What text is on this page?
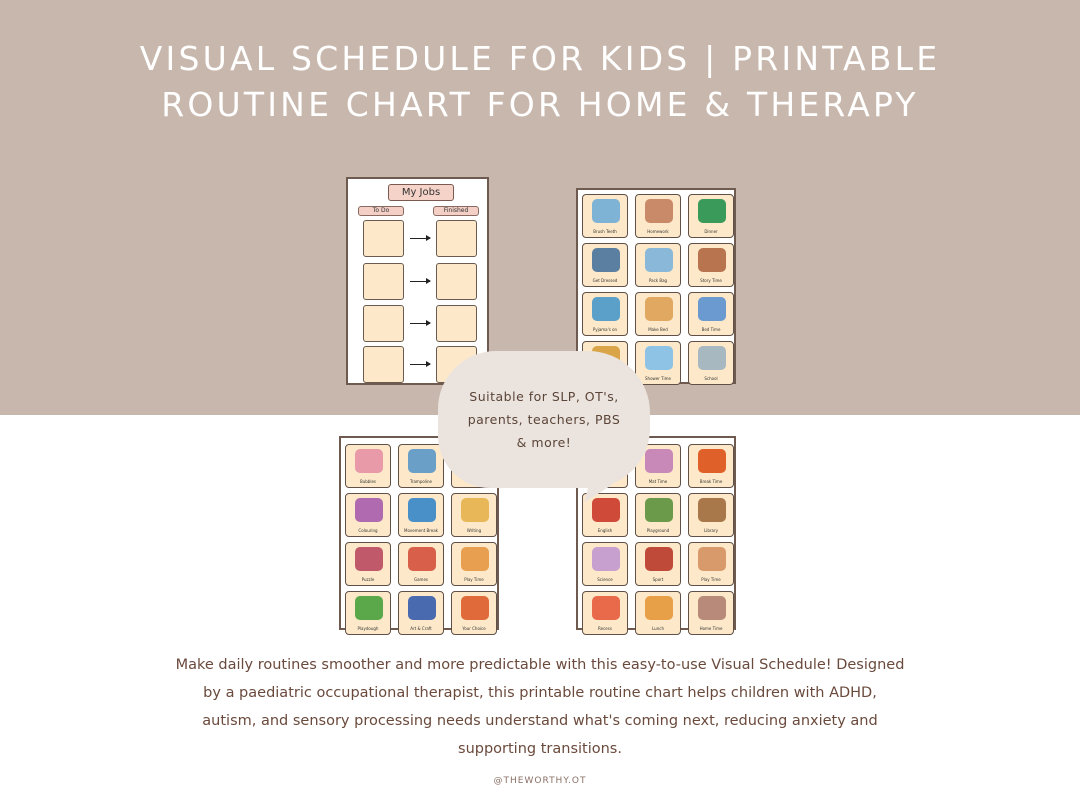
VISUAL SCHEDULE FOR KIDS | PRINTABLE
ROUTINE CHART FOR HOME & THERAPY
My Jobs
To Do	Finished
Brush Teeth	Homework	Dinner
Get Dressed	Pack Bag	Story Time
Pyjama's on	Make Bed	Bed Time
Shower Time	School
Bubbles	Trampoline
Colouring	Movement Break	Writing
Puzzle	Games	Play Time
Playdough	Art & Craft	Your Choice
Mat Time	Break Time
English	Playground	Library
Science	Sport	Play Time
Recess	Lunch	Home Time

Suitable for SLP, OT's,
parents, teachers, PBS
& more!

Make daily routines smoother and more predictable with this easy-to-use Visual Schedule! Designed
by a paediatric occupational therapist, this printable routine chart helps children with ADHD,
autism, and sensory processing needs understand what's coming next, reducing anxiety and
supporting transitions.
@THEWORTHY.OT
